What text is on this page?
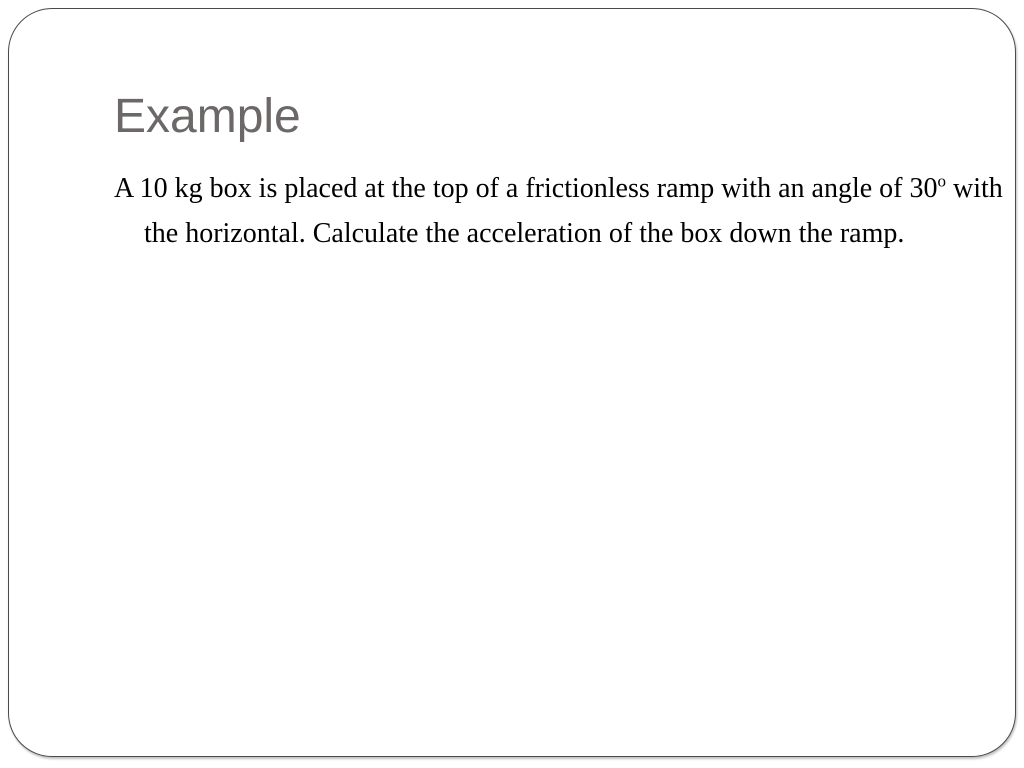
Example

A 10 kg box is placed at the top of a frictionless ramp with an angle of 30$^o$ with the horizontal. Calculate the acceleration of the box down the ramp.
